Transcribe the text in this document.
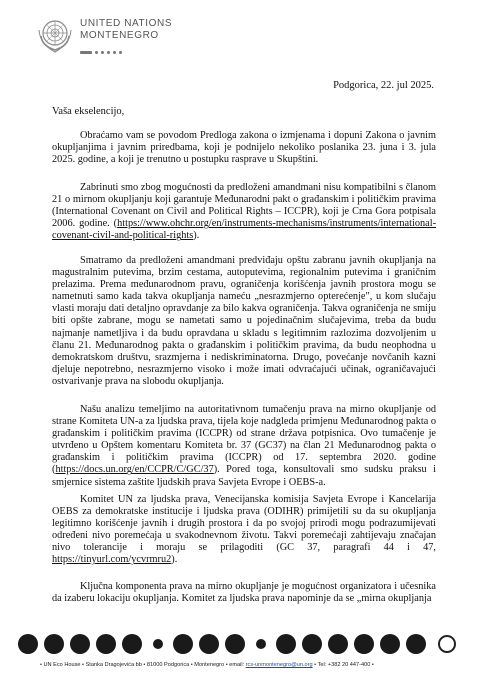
UNITED NATIONS
MONTENEGRO
Podgorica, 22. jul 2025.
Vaša ekselencijo,

Obraćamo vam se povodom Predloga zakona o izmjenama i dopuni Zakona o javnim okupljanjima i javnim priredbama, koji je podnijelo nekoliko poslanika 23. juna i 3. jula 2025. godine, a koji je trenutno u postupku rasprave u Skupštini.

Zabrinuti smo zbog mogućnosti da predloženi amandmani nisu kompatibilni s članom 21 o mirnom okupljanju koji garantuje Međunarodni pakt o građanskim i političkim pravima (International Covenant on Civil and Political Rights – ICCPR), koji je Crna Gora potpisala 2006. godine. (https://www.ohchr.org/en/instruments-mechanisms/instruments/international-covenant-civil-and-political-rights).

Smatramo da predloženi amandmani predviđaju opštu zabranu javnih okupljanja na magustralnim putevima, brzim cestama, autoputevima, regionalnim putevima i graničnim prelazima. Prema međunarodnom pravu, ograničenja korišćenja javnih prostora mogu se nametnuti samo kada takva okupljanja nameću „nesrazmjerno opterećenje", u kom slučaju vlasti moraju dati detaljno opravdanje za bilo kakva ograničenja. Takva ograničenja ne smiju biti opšte zabrane, mogu se nametati samo u pojedinačnim slučajevima, treba da budu najmanje nametljiva i da budu opravdana u skladu s legitimnim razlozima dozvoljenim u članu 21. Međunarodnog pakta o građanskim i političkim pravima, da budu neophodna u demokratskom društvu, srazmjerna i nediskriminatorna. Drugo, povećanje novčanih kazni djeluje nepotrebno, nesrazmjerno visoko i može imati odvraćajući učinak, ograničavajući ostvarivanje prava na slobodu okupljanja.

Našu analizu temeljimo na autoritativnom tumačenju prava na mirno okupljanje od strane Komiteta UN-a za ljudska prava, tijela koje nadgleda primjenu Međunarodnog pakta o građanskim i političkim pravima (ICCPR) od strane država potpisnica. Ovo tumačenje je utvrđeno u Opštem komentaru Komiteta br. 37 (GC37) na član 21 Međunarodnog pakta o građanskim i političkim pravima (ICCPR) od 17. septembra 2020. godine (https://docs.un.org/en/CCPR/C/GC/37). Pored toga, konsultovali smo sudsku praksu i smjernice sistema zaštite ljudskih prava Savjeta Evrope i OEBS-a.

Komitet UN za ljudska prava, Venecijanska komisija Savjeta Evrope i Kancelarija OEBS za demokratske institucije i ljudska prava (ODIHR) primijetili su da su okupljanja legitimno korišćenje javnih i drugih prostora i da po svojoj prirodi mogu podrazumijevati određeni nivo poremećaja u svakodnevnom životu. Takvi poremećaji zahtijevaju značajan nivo tolerancije i moraju se prilagoditi (GC 37, paragrafi 44 i 47, https://tinyurl.com/ycvrmru2).

Ključna komponenta prava na mirno okupljanje je mogućnost organizatora i učesnika da izaberu lokaciju okupljanja. Komitet za ljudska prava napominje da se „mirna okupljanja

• UN Eco House • Stanka Dragojevića bb • 81000 Podgorica • Montenegro • email: rcs-unmontenegro@un.org • Tel: +382 20 447-400 •
